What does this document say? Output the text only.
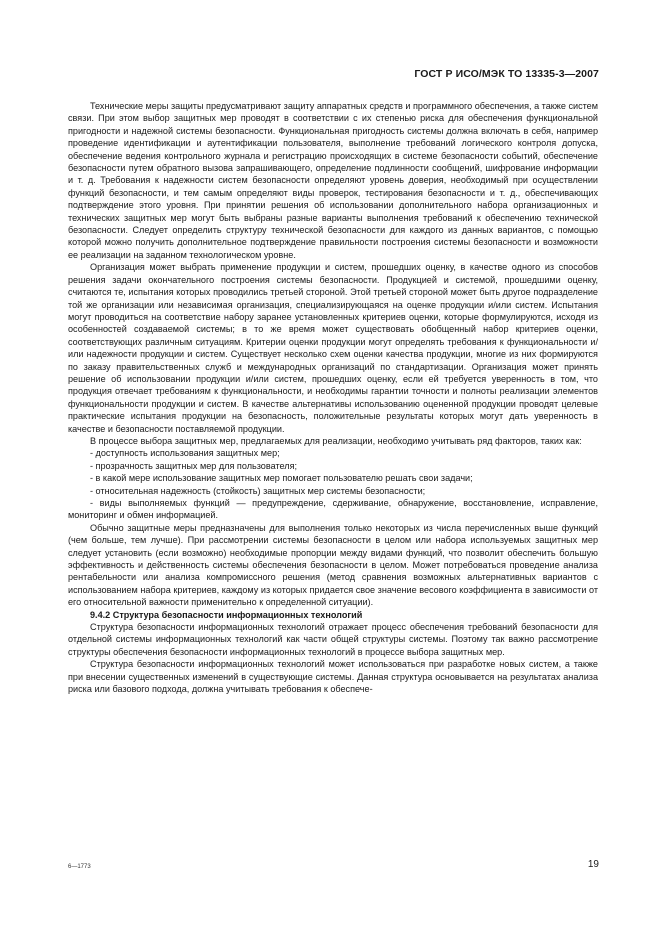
ГОСТ Р ИСО/МЭК ТО 13335-3—2007

Технические меры защиты предусматривают защиту аппаратных средств и программного обеспечения, а также систем связи. При этом выбор защитных мер проводят в соответствии с их степенью риска для обеспечения функциональной пригодности и надежной системы безопасности. Функциональная пригодность системы должна включать в себя, например проведение идентификации и аутентификации пользователя, выполнение требований логического контроля допуска, обеспечение ведения контрольного журнала и регистрацию происходящих в системе безопасности событий, обеспечение безопасности путем обратного вызова запрашивающего, определение подлинности сообщений, шифрование информации и т. д. Требования к надежности систем безопасности определяют уровень доверия, необходимый при осуществлении функций безопасности, и тем самым определяют виды проверок, тестирования безопасности и т. д., обеспечивающих подтверждение этого уровня. При принятии решения об использовании дополнительного набора организационных и технических защитных мер могут быть выбраны разные варианты выполнения требований к обеспечению технической безопасности. Следует определить структуру технической безопасности для каждого из данных вариантов, с помощью которой можно получить дополнительное подтверждение правильности построения системы безопасности и возможности ее реализации на заданном технологическом уровне.

Организация может выбрать применение продукции и систем, прошедших оценку, в качестве одного из способов решения задачи окончательного построения системы безопасности. Продукцией и системой, прошедшими оценку, считаются те, испытания которых проводились третьей стороной. Этой третьей стороной может быть другое подразделение той же организации или независимая организация, специализирующаяся на оценке продукции и/или систем. Испытания могут проводиться на соответствие набору заранее установленных критериев оценки, которые формулируются, исходя из особенностей создаваемой системы; в то же время может существовать обобщенный набор критериев оценки, соответствующих различным ситуациям. Критерии оценки продукции могут определять требования к функциональности и/или надежности продукции и систем. Существует несколько схем оценки качества продукции, многие из них формируются по заказу правительственных служб и международных организаций по стандартизации. Организация может принять решение об использовании продукции и/или систем, прошедших оценку, если ей требуется уверенность в том, что продукция отвечает требованиям к функциональности, и необходимы гарантии точности и полноты реализации элементов функциональности продукции и систем. В качестве альтернативы использованию оцененной продукции проводят целевые практические испытания продукции на безопасность, положительные результаты которых могут дать уверенность в качестве и безопасности поставляемой продукции.

В процессе выбора защитных мер, предлагаемых для реализации, необходимо учитывать ряд факторов, таких как:

- доступность использования защитных мер;
- прозрачность защитных мер для пользователя;
- в какой мере использование защитных мер помогает пользователю решать свои задачи;
- относительная надежность (стойкость) защитных мер системы безопасности;
- виды выполняемых функций — предупреждение, сдерживание, обнаружение, восстановление, исправление, мониторинг и обмен информацией.

Обычно защитные меры предназначены для выполнения только некоторых из числа перечисленных выше функций (чем больше, тем лучше). При рассмотрении системы безопасности в целом или набора используемых защитных мер следует установить (если возможно) необходимые пропорции между видами функций, что позволит обеспечить большую эффективность и действенность системы обеспечения безопасности в целом. Может потребоваться проведение анализа рентабельности или анализа компромиссного решения (метод сравнения возможных альтернативных вариантов с использованием набора критериев, каждому из которых придается свое значение весового коэффициента в зависимости от его относительной важности применительно к определенной ситуации).

9.4.2 Структура безопасности информационных технологий

Структура безопасности информационных технологий отражает процесс обеспечения требований безопасности для отдельной системы информационных технологий как части общей структуры системы. Поэтому так важно рассмотрение структуры обеспечения безопасности информационных технологий в процессе выбора защитных мер.

Структура безопасности информационных технологий может использоваться при разработке новых систем, а также при внесении существенных изменений в существующие системы. Данная структура основывается на результатах анализа риска или базового подхода, должна учитывать требования к обеспече-

6—1773	19
